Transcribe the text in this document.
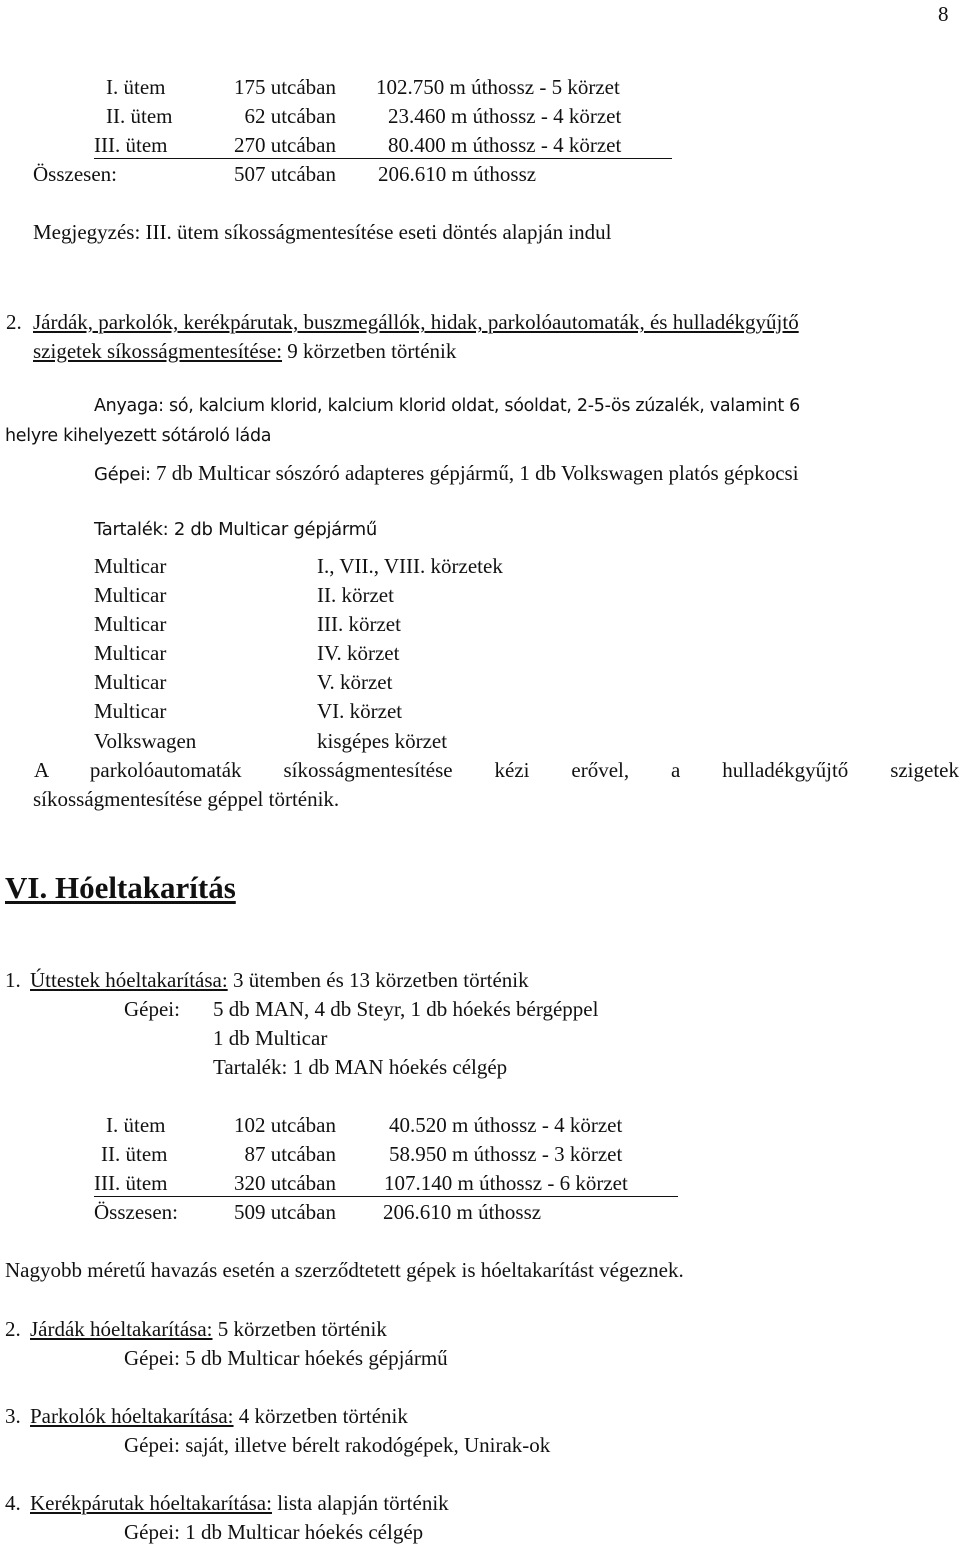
8
I. ütem	175 utcában 102.750 m úthossz - 5 körzet
II. ütem	62 utcában 23.460 m úthossz - 4 körzet
III. ütem	270 utcában 80.400 m úthossz - 4 körzet
Összesen:	507 utcában 206.610 m úthossz
Megjegyzés: III. ütem síkosságmentesítése eseti döntés alapján indul
2. Járdák, parkolók, kerékpárutak, buszmegállók, hidak, parkolóautomaták, és hulladékgyűjtő
szigetek síkosságmentesítése: 9 körzetben történik
Anyaga: só, kalcium klorid, kalcium klorid oldat, sóoldat, 2-5-ös zúzalék, valamint 6
helyre kihelyezett sótároló láda
Gépei: 7 db Multicar sószóró adapteres gépjármű, 1 db Volkswagen platós gépkocsi
Tartalék: 2 db Multicar gépjármű
Multicar	I., VII., VIII. körzetek
Multicar	II. körzet
Multicar	III. körzet
Multicar	IV. körzet
Multicar	V. körzet
Multicar	VI. körzet
Volkswagen	kisgépes körzet
A parkolóautomaták síkosságmentesítése kézi erővel, a hulladékgyűjtő szigetek
síkosságmentesítése géppel történik.
VI. Hóeltakarítás
1. Úttestek hóeltakarítása: 3 ütemben és 13 körzetben történik
Gépei: 5 db MAN, 4 db Steyr, 1 db hóekés bérgéppel
1 db Multicar
Tartalék: 1 db MAN hóekés célgép
I. ütem	102 utcában	40.520 m úthossz - 4 körzet
II. ütem	87 utcában	58.950 m úthossz - 3 körzet
III. ütem	320 utcában 107.140 m úthossz - 6 körzet
Összesen:	509 utcában 206.610 m úthossz
Nagyobb méretű havazás esetén a szerződtetett gépek is hóeltakarítást végeznek.
2. Járdák hóeltakarítása: 5 körzetben történik
Gépei: 5 db Multicar hóekés gépjármű
3. Parkolók hóeltakarítása: 4 körzetben történik
Gépei: saját, illetve bérelt rakodógépek, Unirak-ok
4. Kerékpárutak hóeltakarítása: lista alapján történik
Gépei: 1 db Multicar hóekés célgép
